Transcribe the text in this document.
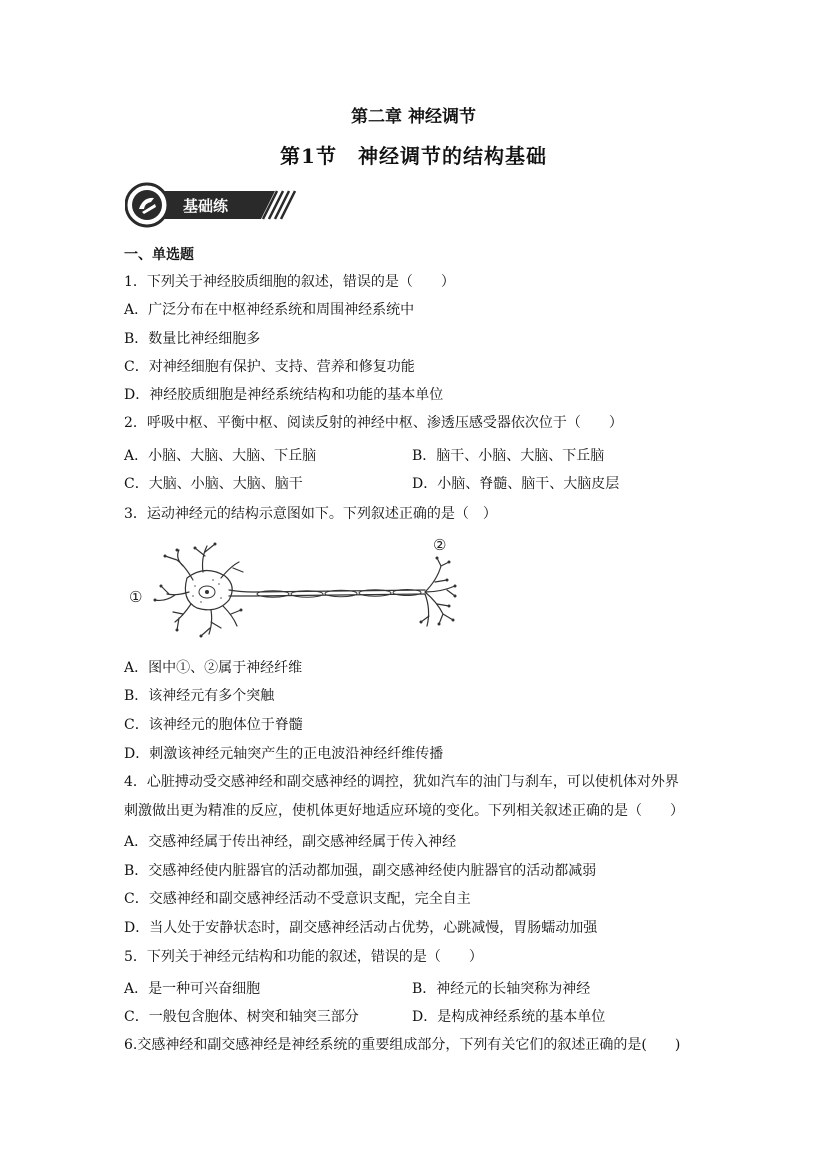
第二章 神经调节
第1节　神经调节的结构基础
基础练
一、单选题
1．下列关于神经胶质细胞的叙述，错误的是（　　）
A．广泛分布在中枢神经系统和周围神经系统中
B．数量比神经细胞多
C．对神经细胞有保护、支持、营养和修复功能
D．神经胶质细胞是神经系统结构和功能的基本单位
2．呼吸中枢、平衡中枢、阅读反射的神经中枢、渗透压感受器依次位于（　　）
A．小脑、大脑、大脑、下丘脑	B．脑干、小脑、大脑、下丘脑
C．大脑、小脑、大脑、脑干	D．小脑、脊髓、脑干、大脑皮层
3．运动神经元的结构示意图如下。下列叙述正确的是（　）
①
②
A．图中①、②属于神经纤维
B．该神经元有多个突触
C．该神经元的胞体位于脊髓
D．刺激该神经元轴突产生的正电波沿神经纤维传播
4．心脏搏动受交感神经和副交感神经的调控，犹如汽车的油门与刹车，可以使机体对外界
刺激做出更为精准的反应，使机体更好地适应环境的变化。下列相关叙述正确的是（　　）
A．交感神经属于传出神经，副交感神经属于传入神经
B．交感神经使内脏器官的活动都加强，副交感神经使内脏器官的活动都减弱
C．交感神经和副交感神经活动不受意识支配，完全自主
D．当人处于安静状态时，副交感神经活动占优势，心跳减慢，胃肠蠕动加强
5．下列关于神经元结构和功能的叙述，错误的是（　　）
A．是一种可兴奋细胞	B．神经元的长轴突称为神经
C．一般包含胞体、树突和轴突三部分	D．是构成神经系统的基本单位
6.交感神经和副交感神经是神经系统的重要组成部分，下列有关它们的叙述正确的是(　　)
